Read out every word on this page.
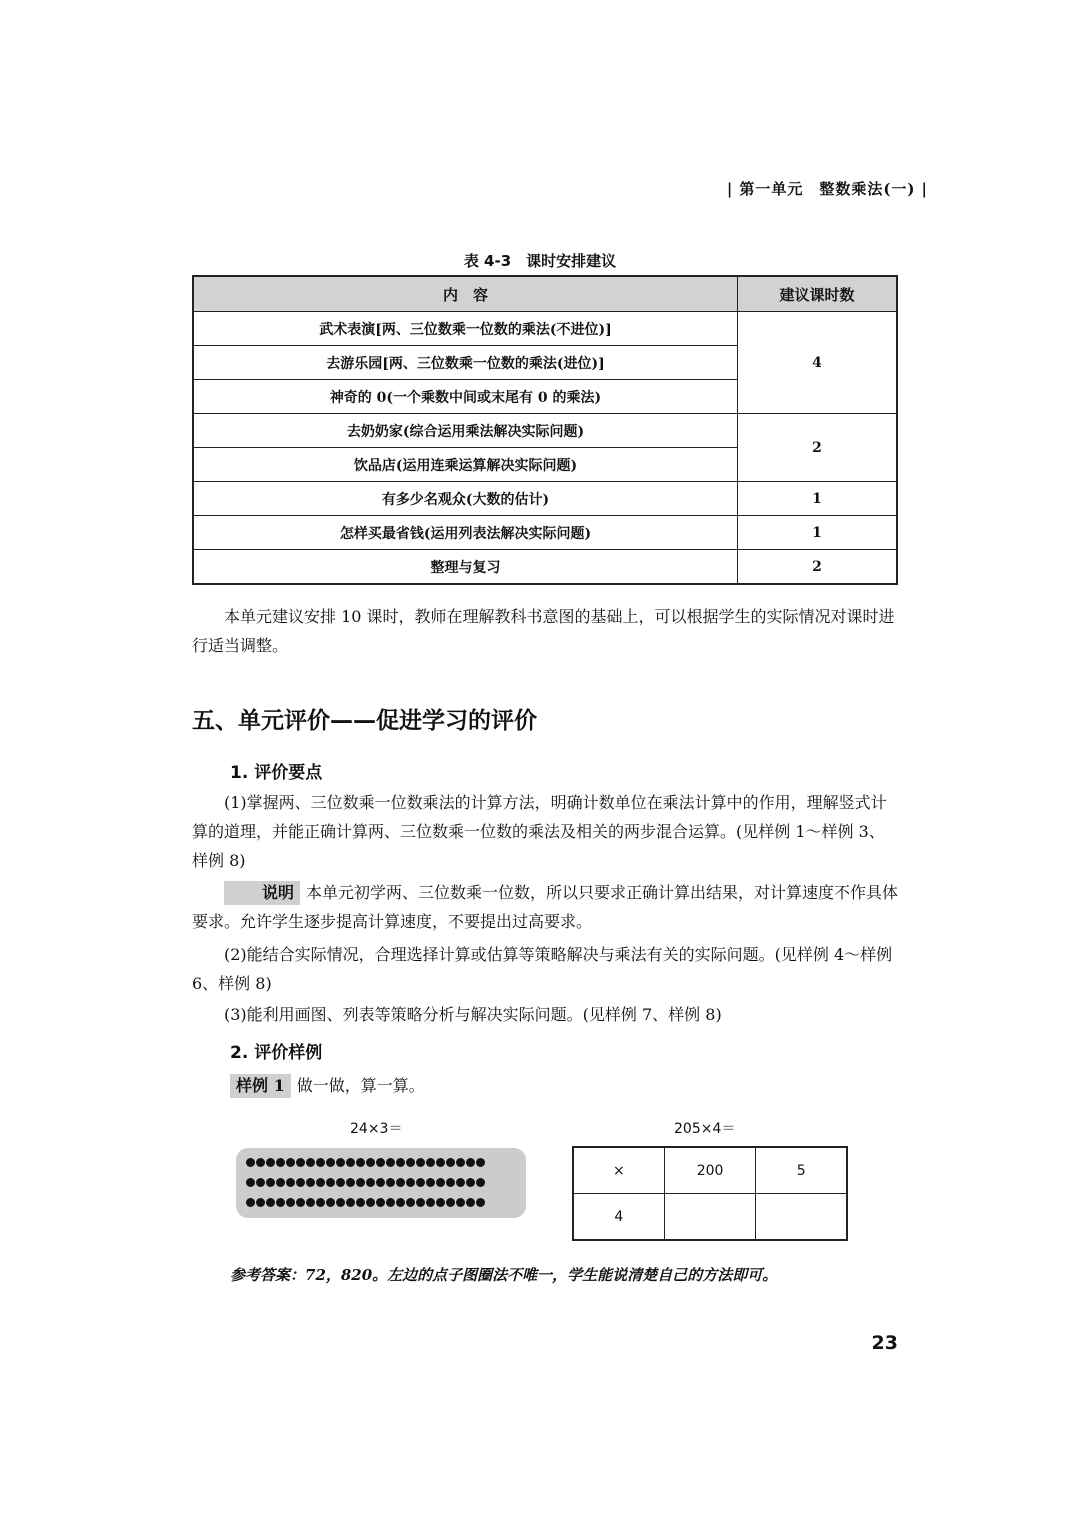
| 第一单元　整数乘法(一) |
表 4-3　课时安排建议
内　容	建议课时数
武术表演[两、三位数乘一位数的乘法(不进位)]	4
去游乐园[两、三位数乘一位数的乘法(进位)]	
神奇的 0(一个乘数中间或末尾有 0 的乘法)	
去奶奶家(综合运用乘法解决实际问题)	2
饮品店(运用连乘运算解决实际问题)	
有多少名观众(大数的估计)	1
怎样买最省钱(运用列表法解决实际问题)	1
整理与复习	2
本单元建议安排 10 课时，教师在理解教科书意图的基础上，可以根据学生的实际情况对课时进行适当调整。
五、单元评价——促进学习的评价
1. 评价要点
(1)掌握两、三位数乘一位数乘法的计算方法，明确计数单位在乘法计算中的作用，理解竖式计算的道理，并能正确计算两、三位数乘一位数的乘法及相关的两步混合运算。(见样例 1～样例 3、样例 8)
说明 本单元初学两、三位数乘一位数，所以只要求正确计算出结果，对计算速度不作具体要求。允许学生逐步提高计算速度，不要提出过高要求。
(2)能结合实际情况，合理选择计算或估算等策略解决与乘法有关的实际问题。(见样例 4～样例 6、样例 8)
(3)能利用画图、列表等策略分析与解决实际问题。(见样例 7、样例 8)
2. 评价样例
样例 1 做一做，算一算。
24×3＝	205×4＝
×	200	5
4		
参考答案：72，820。左边的点子图圈法不唯一，学生能说清楚自己的方法即可。
23
